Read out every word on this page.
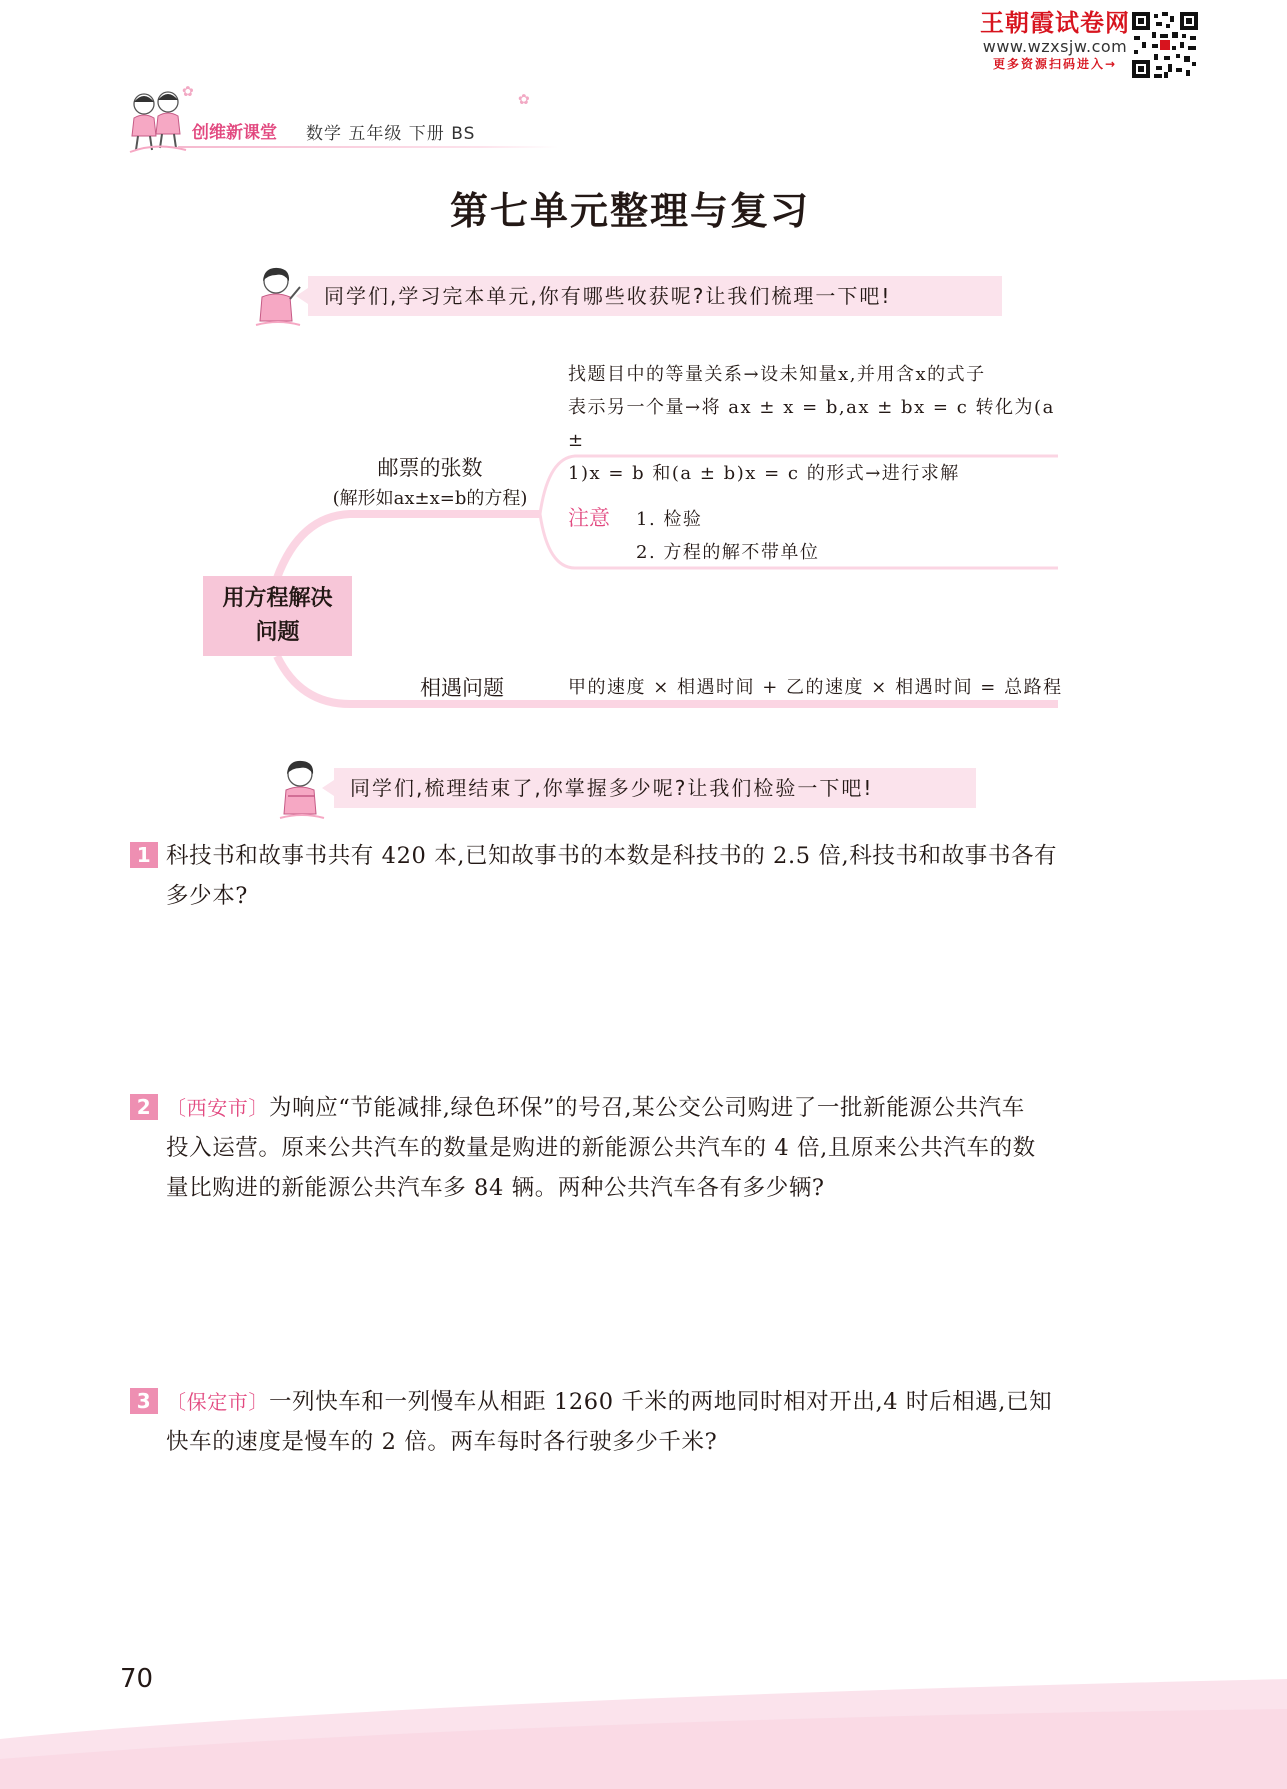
王朝霞试卷网
www.wzxsjw.com
更多资源扫码进入→
创维新课堂 数学 五年级 下册 BS
✿	✿
第七单元整理与复习
同学们,学习完本单元,你有哪些收获呢?让我们梳理一下吧!
用方程解决
问题
邮票的张数
(解形如ax±x=b的方程)
找题目中的等量关系→设未知量x,并用含x的式子
表示另一个量→将 ax ± x = b,ax ± bx = c 转化为(a ±
1)x = b 和(a ± b)x = c 的形式→进行求解
注意 1. 检验
2. 方程的解不带单位
相遇问题	甲的速度 × 相遇时间 + 乙的速度 × 相遇时间 = 总路程
同学们,梳理结束了,你掌握多少呢?让我们检验一下吧!
1 科技书和故事书共有 420 本,已知故事书的本数是科技书的 2.5 倍,科技书和故事书各有
多少本?
2 〔西安市〕为响应“节能减排,绿色环保”的号召,某公交公司购进了一批新能源公共汽车
投入运营。原来公共汽车的数量是购进的新能源公共汽车的 4 倍,且原来公共汽车的数
量比购进的新能源公共汽车多 84 辆。两种公共汽车各有多少辆?
3 〔保定市〕一列快车和一列慢车从相距 1260 千米的两地同时相对开出,4 时后相遇,已知
快车的速度是慢车的 2 倍。两车每时各行驶多少千米?
70
